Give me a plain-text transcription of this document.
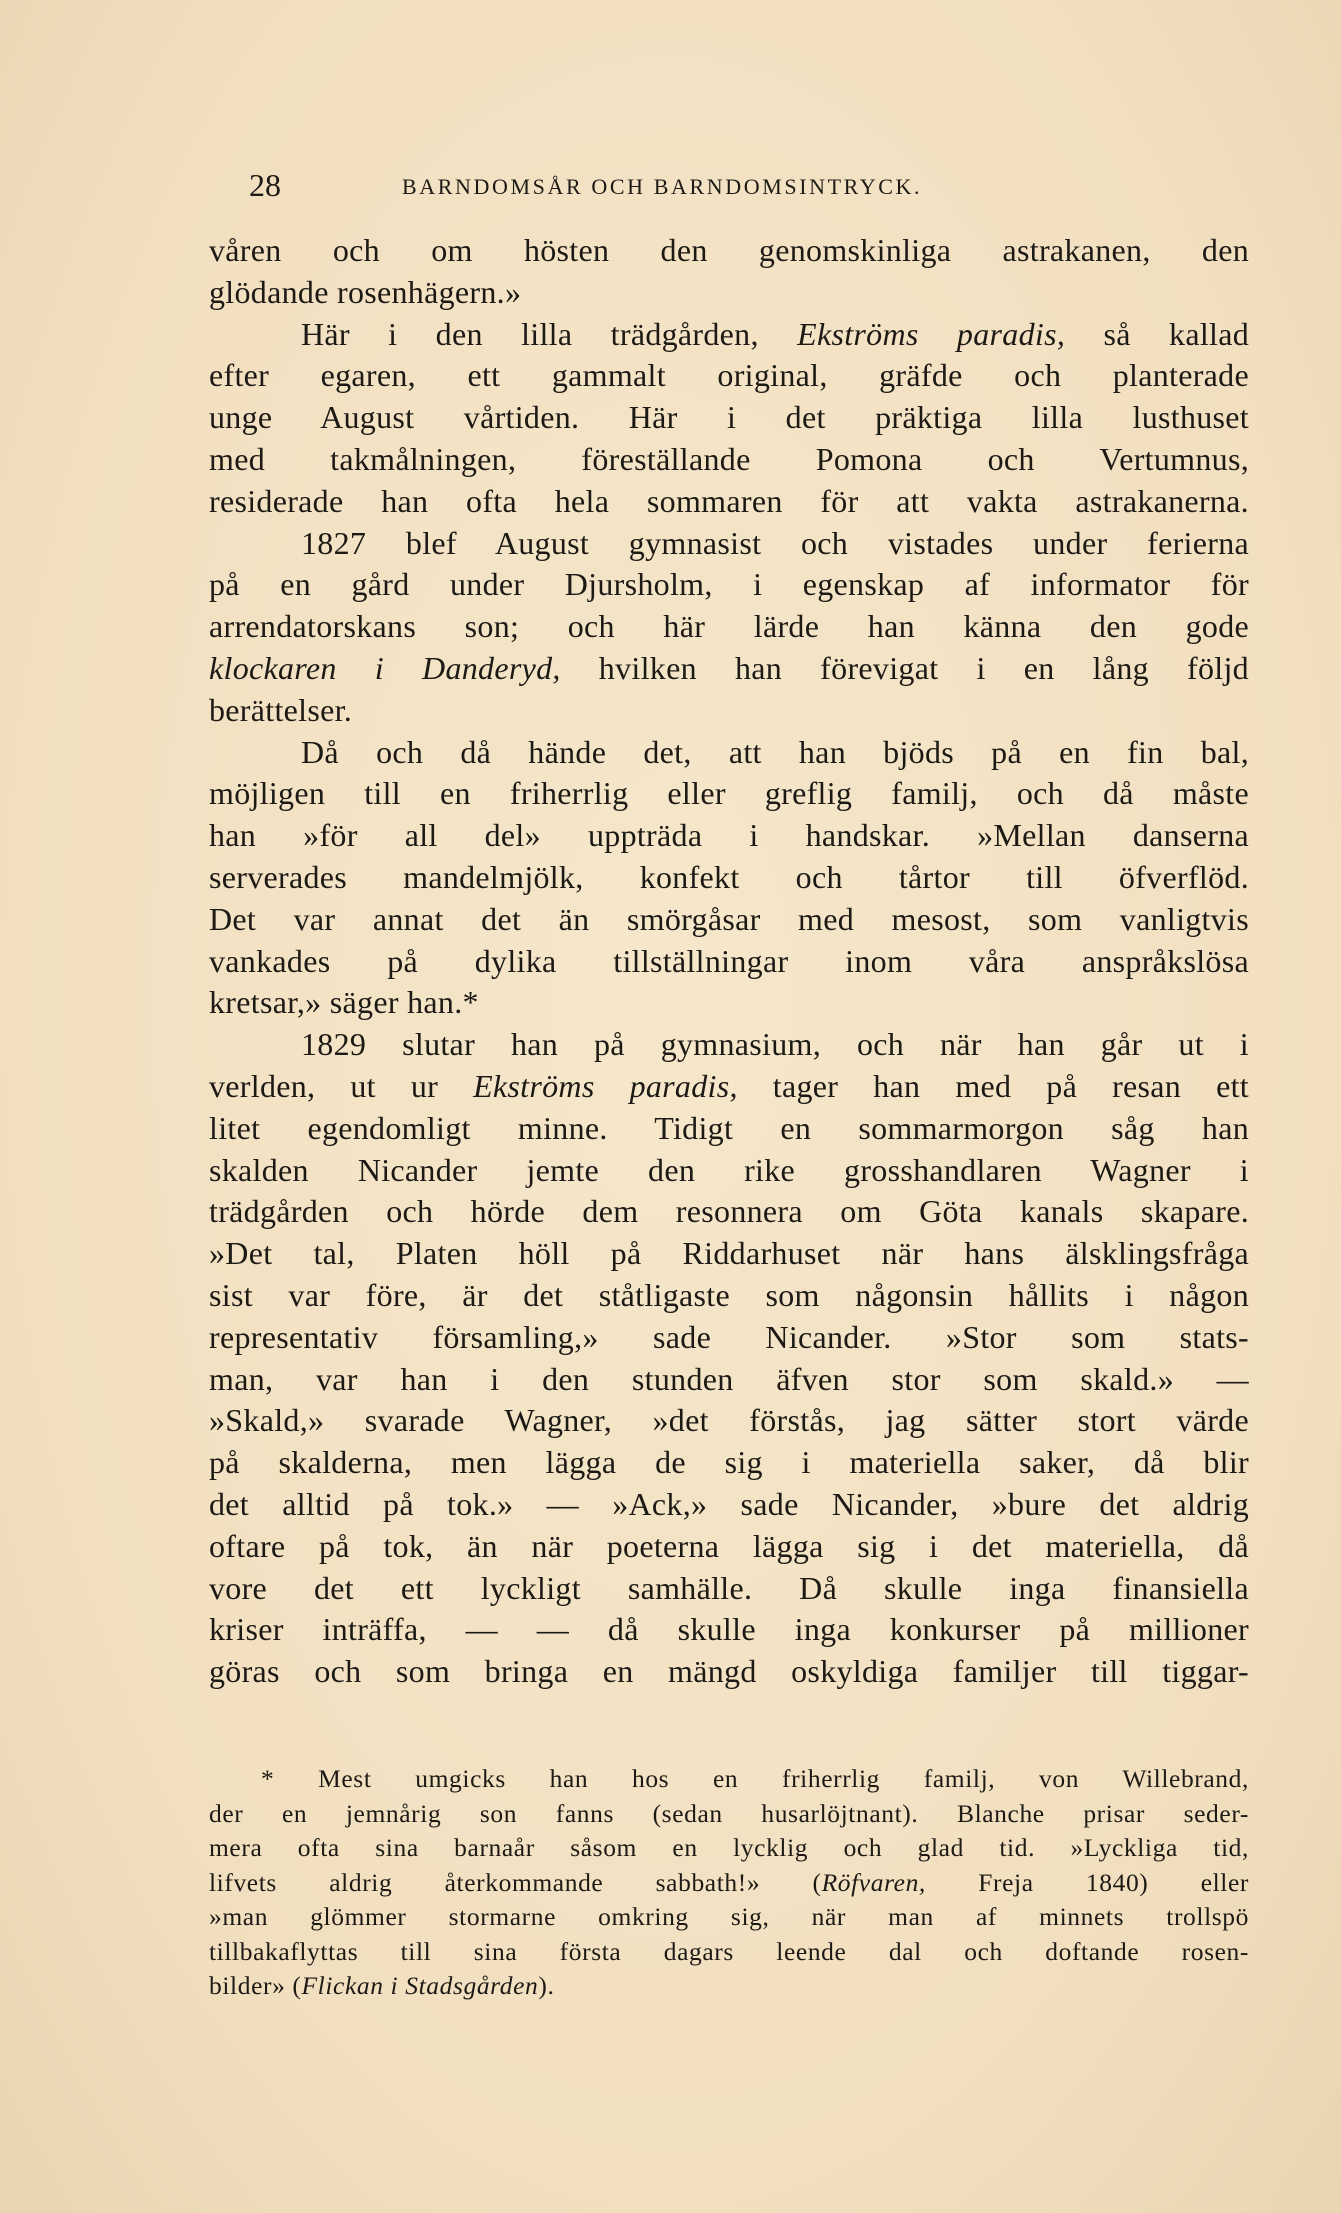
28	BARNDOMSÅR OCH BARNDOMSINTRYCK.
våren och om hösten den genomskinliga astrakanen, den
glödande rosenhägern.»
Här i den lilla trädgården, Ekströms paradis, så kallad
efter egaren, ett gammalt original, gräfde och planterade
unge August vårtiden. Här i det präktiga lilla lusthuset
med takmålningen, föreställande Pomona och Vertumnus,
residerade han ofta hela sommaren för att vakta astrakanerna.
1827 blef August gymnasist och vistades under ferierna
på en gård under Djursholm, i egenskap af informator för
arrendatorskans son; och här lärde han känna den gode
klockaren i Danderyd, hvilken han förevigat i en lång följd
berättelser.
Då och då hände det, att han bjöds på en fin bal,
möjligen till en friherrlig eller greflig familj, och då måste
han »för all del» uppträda i handskar. »Mellan danserna
serverades mandelmjölk, konfekt och tårtor till öfverflöd.
Det var annat det än smörgåsar med mesost, som vanligtvis
vankades på dylika tillställningar inom våra anspråkslösa
kretsar,» säger han.*
1829 slutar han på gymnasium, och när han går ut i
verlden, ut ur Ekströms paradis, tager han med på resan ett
litet egendomligt minne. Tidigt en sommarmorgon såg han
skalden Nicander jemte den rike grosshandlaren Wagner i
trädgården och hörde dem resonnera om Göta kanals skapare.
»Det tal, Platen höll på Riddarhuset när hans älsklingsfråga
sist var före, är det ståtligaste som någonsin hållits i någon
representativ församling,» sade Nicander. »Stor som stats-
man, var han i den stunden äfven stor som skald.» —
»Skald,» svarade Wagner, »det förstås, jag sätter stort värde
på skalderna, men lägga de sig i materiella saker, då blir
det alltid på tok.» — »Ack,» sade Nicander, »bure det aldrig
oftare på tok, än när poeterna lägga sig i det materiella, då
vore det ett lyckligt samhälle. Då skulle inga finansiella
kriser inträffa, — — då skulle inga konkurser på millioner
göras och som bringa en mängd oskyldiga familjer till tiggar-
* Mest umgicks han hos en friherrlig familj, von Willebrand,
der en jemnårig son fanns (sedan husarlöjtnant). Blanche prisar seder-
mera ofta sina barnaår såsom en lycklig och glad tid. »Lyckliga tid,
lifvets aldrig återkommande sabbath!» (Röfvaren, Freja 1840) eller
»man glömmer stormarne omkring sig, när man af minnets trollspö
tillbakaflyttas till sina första dagars leende dal och doftande rosen-
bilder» (Flickan i Stadsgården).
